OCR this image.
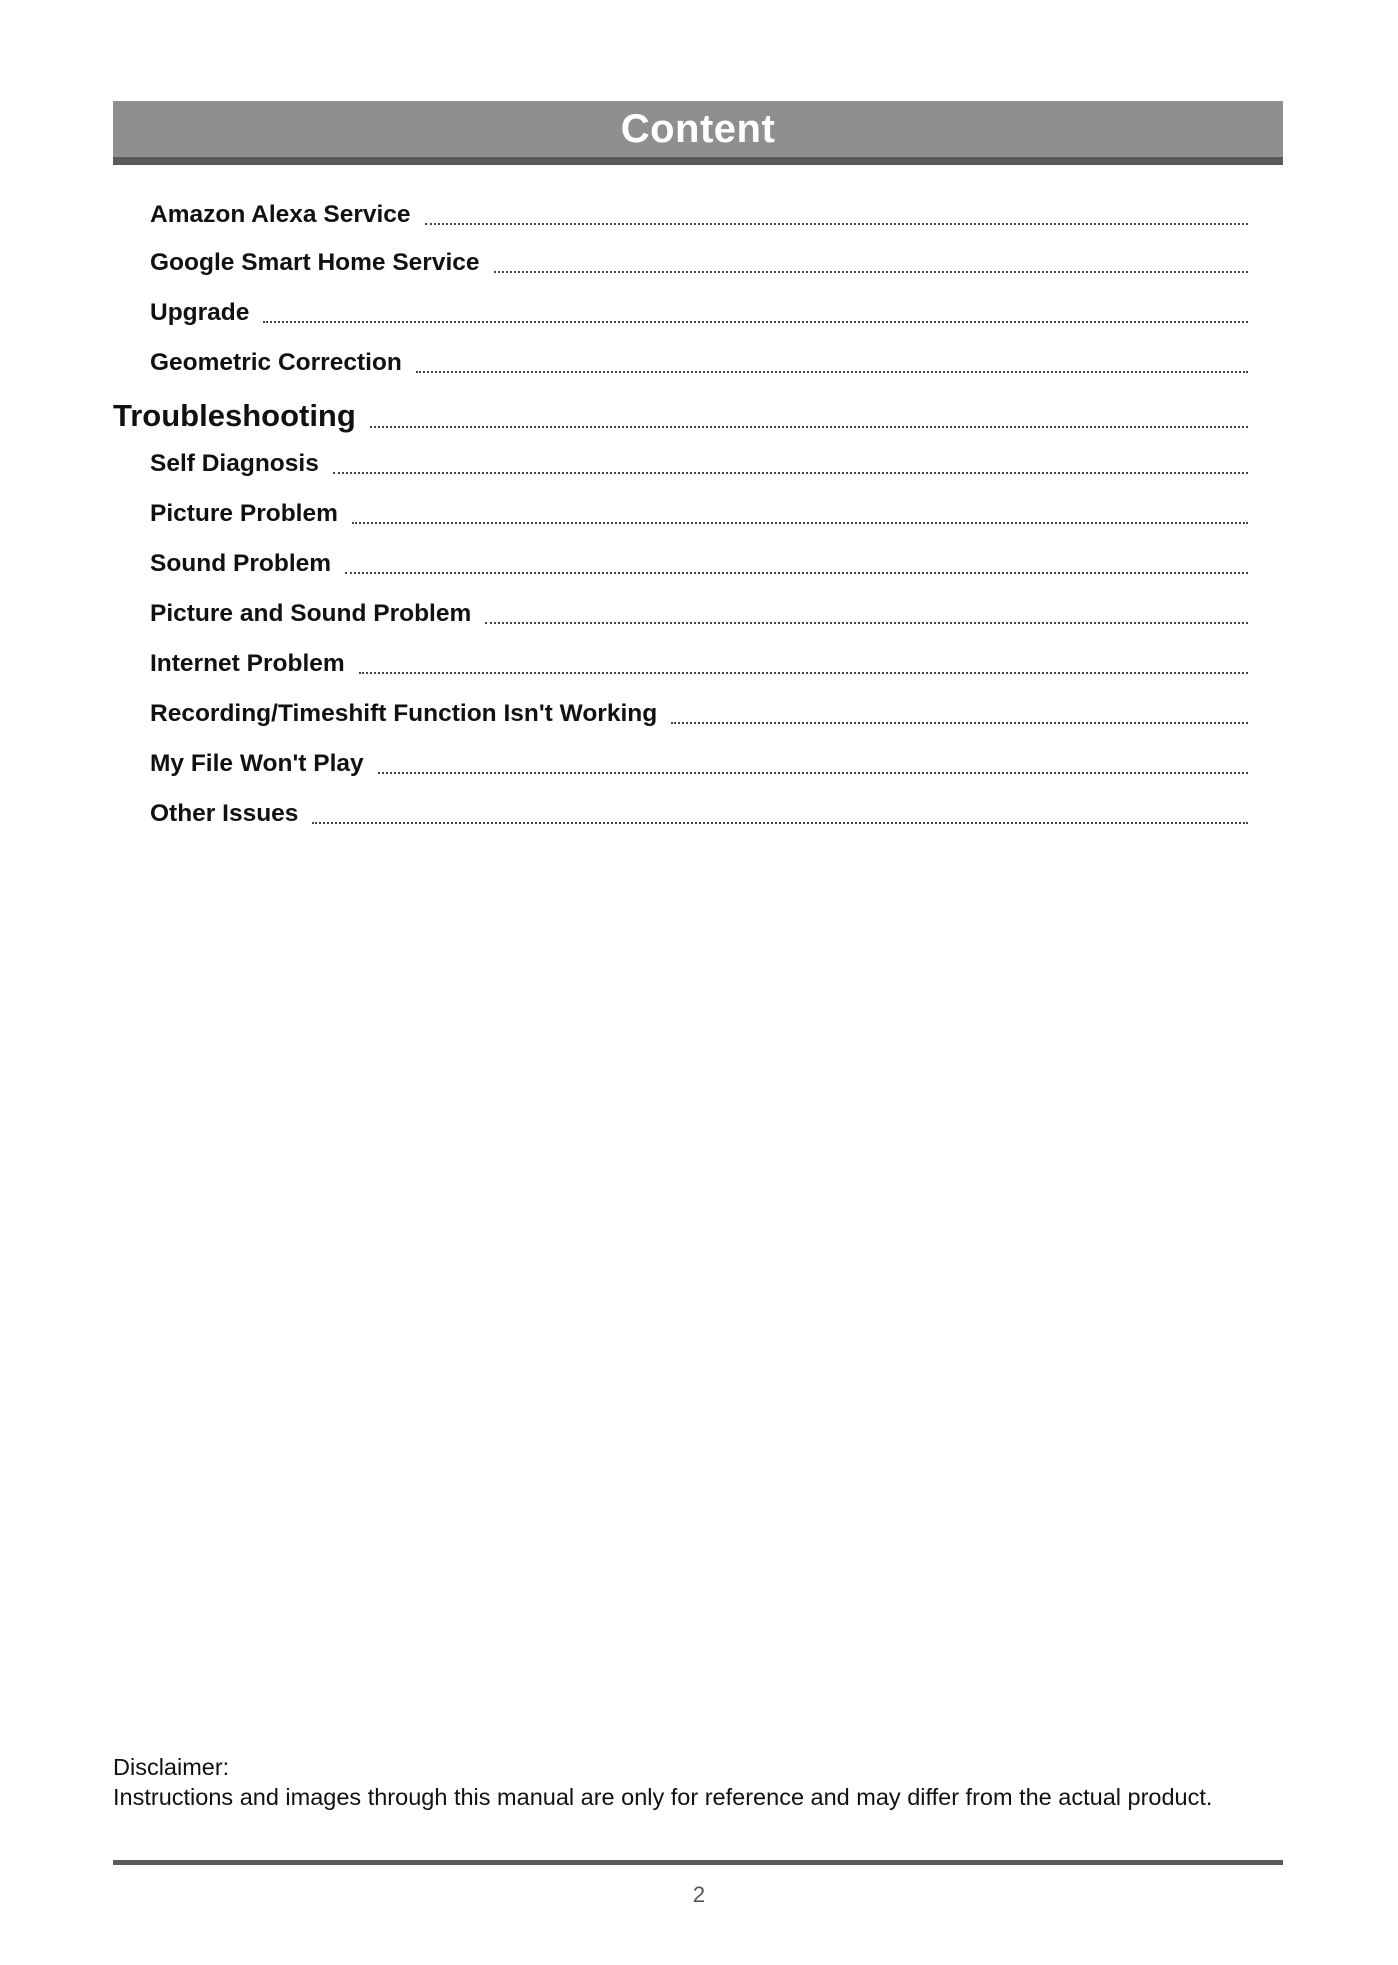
Content
Amazon Alexa Service
Google Smart Home Service
Upgrade
Geometric Correction
Troubleshooting
Self Diagnosis
Picture Problem
Sound Problem
Picture and Sound Problem
Internet Problem
Recording/Timeshift Function Isn't Working
My File Won't Play
Other Issues
Disclaimer:
Instructions and images through this manual are only for reference and may differ from the actual product.
2
